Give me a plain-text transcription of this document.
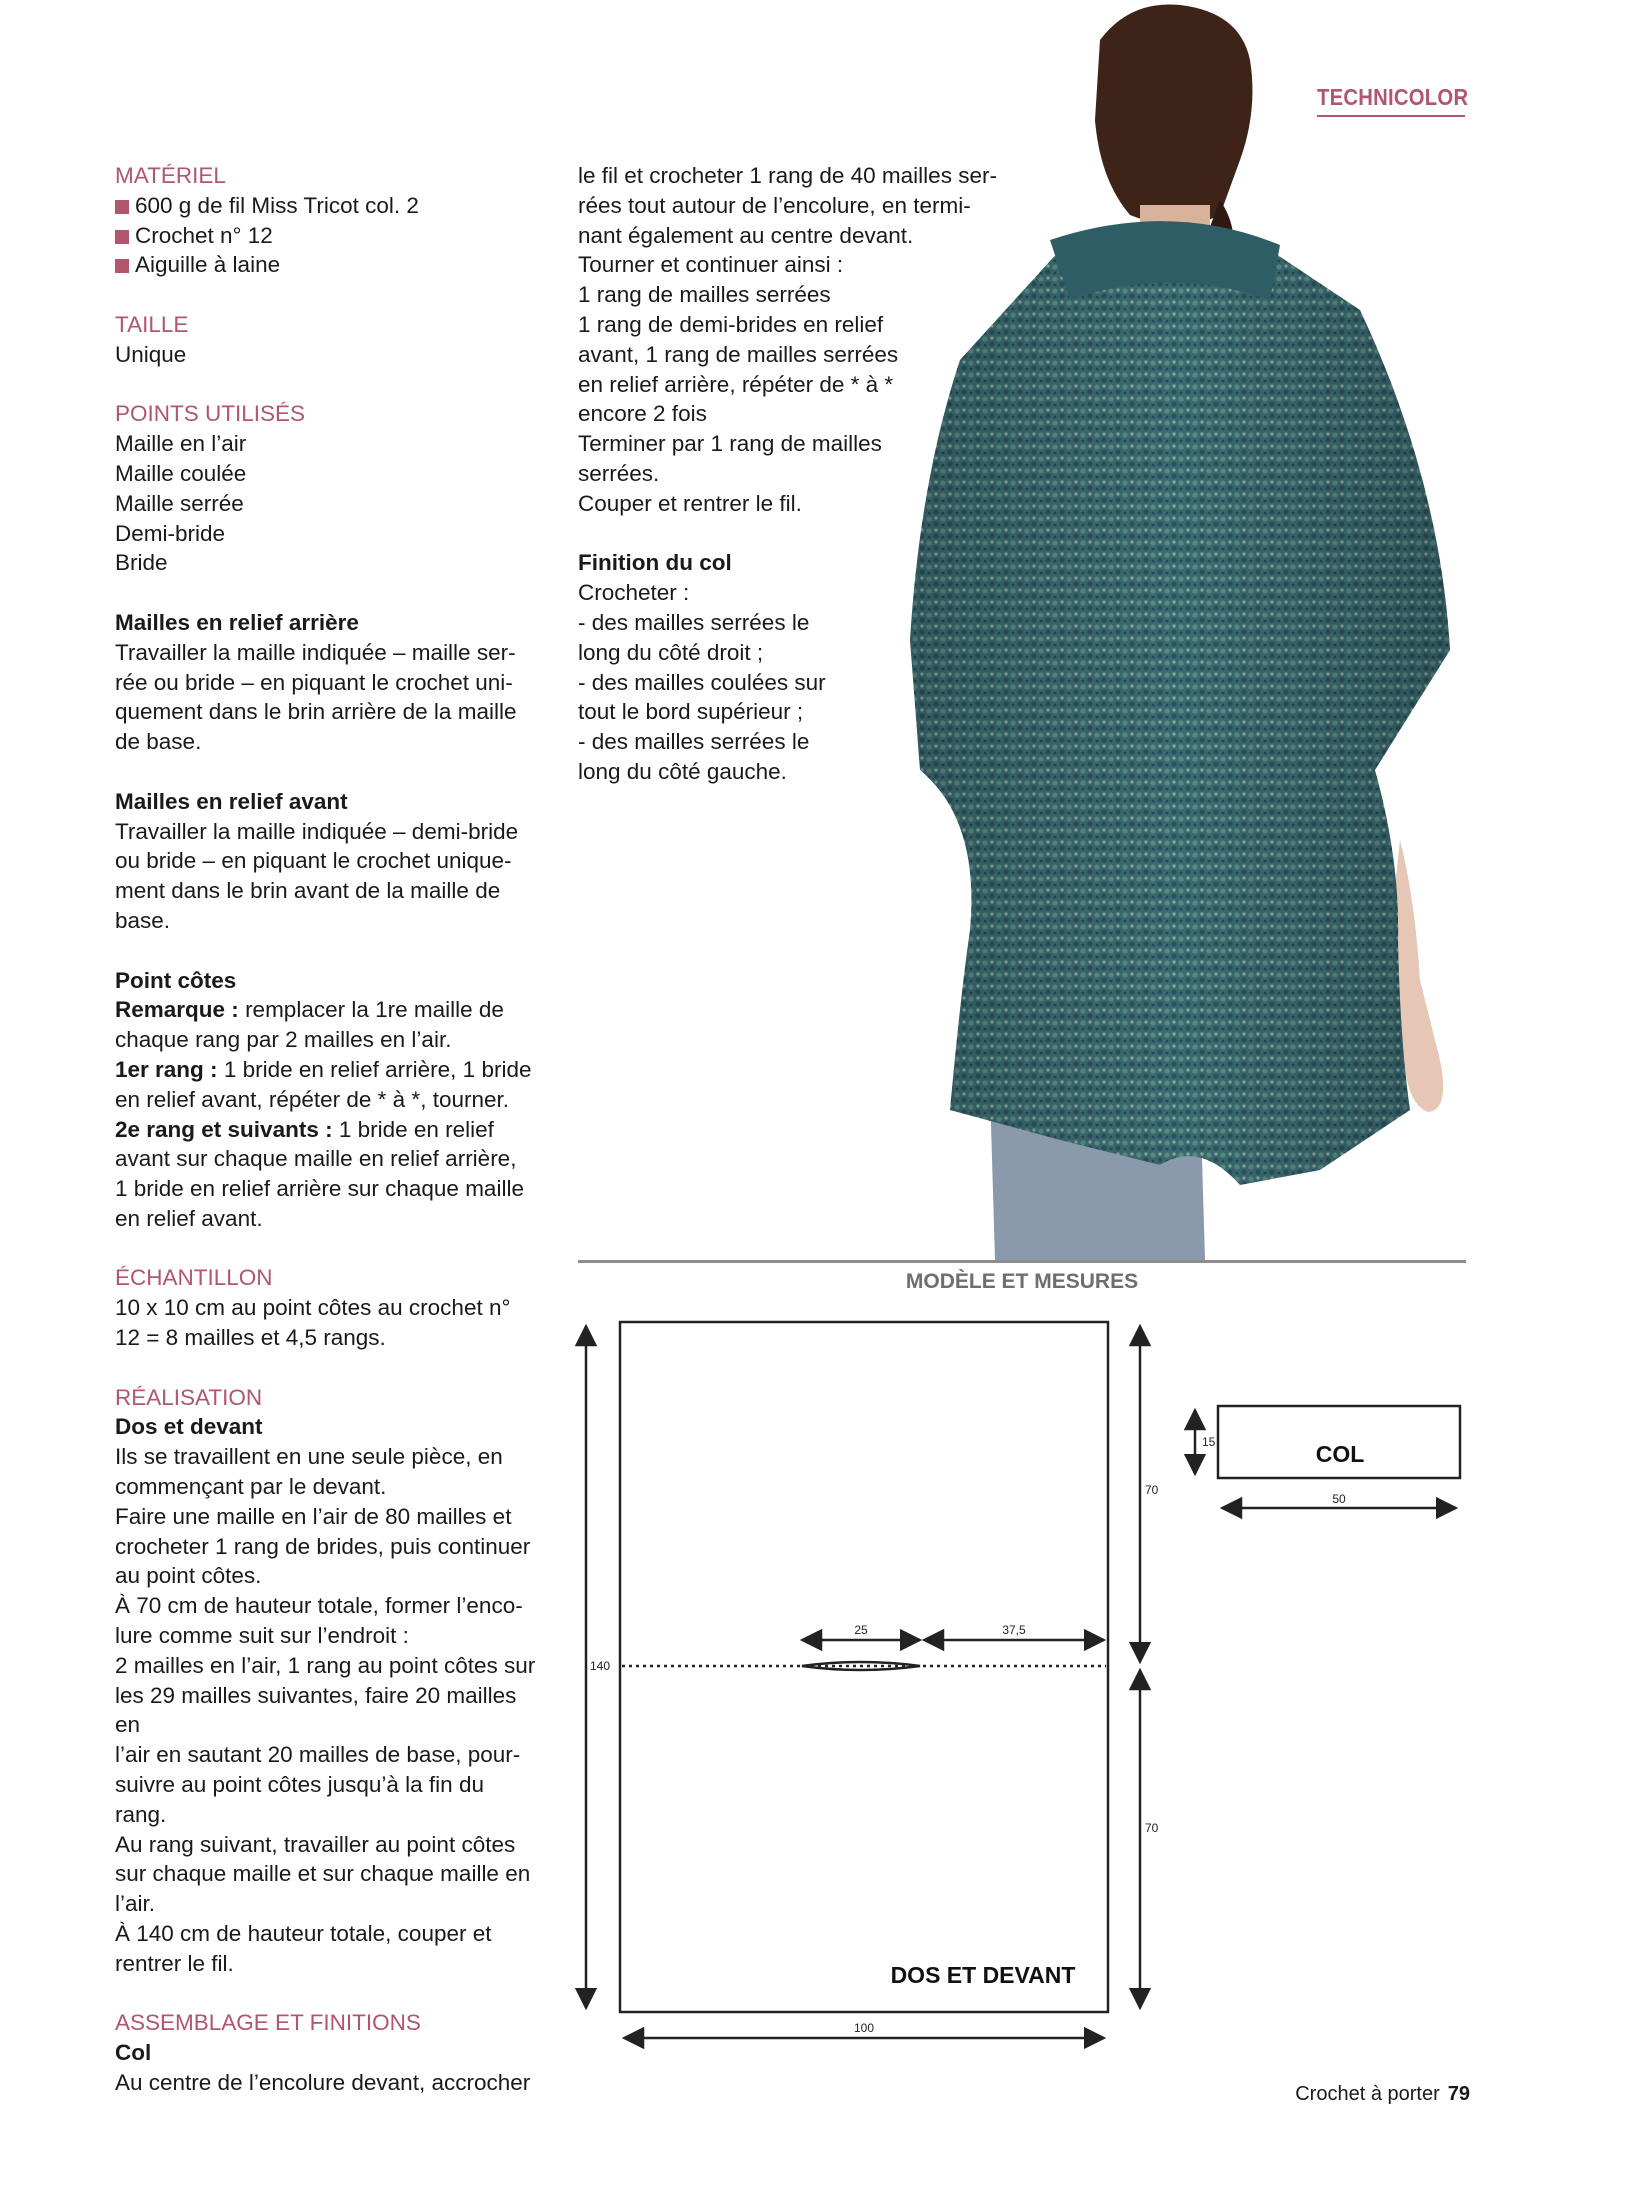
TECHNICOLOR

MATÉRIEL

600 g de fil Miss Tricot col. 2

Crochet n° 12

Aiguille à laine

TAILLE

Unique

POINTS UTILISÉS

Maille en l’air

Maille coulée

Maille serrée

Demi-bride

Bride

Mailles en relief arrière

Travailler la maille indiquée – maille ser-

rée ou bride – en piquant le crochet uni-

quement dans le brin arrière de la maille

de base.

Mailles en relief avant

Travailler la maille indiquée – demi-bride

ou bride – en piquant le crochet unique-

ment dans le brin avant de la maille de

base.

Point côtes

Remarque : remplacer la 1re maille de

chaque rang par 2 mailles en l’air.

1er rang : 1 bride en relief arrière, 1 bride

en relief avant, répéter de * à *, tourner.

2e rang et suivants : 1 bride en relief

avant sur chaque maille en relief arrière,

1 bride en relief arrière sur chaque maille

en relief avant.

ÉCHANTILLON

10 x 10 cm au point côtes au crochet n°

12 = 8 mailles et 4,5 rangs.

RÉALISATION

Dos et devant

Ils se travaillent en une seule pièce, en

commençant par le devant.

Faire une maille en l’air de 80 mailles et

crocheter 1 rang de brides, puis continuer

au point côtes.

À 70 cm de hauteur totale, former l’enco-

lure comme suit sur l’endroit :

2 mailles en l’air, 1 rang au point côtes sur

les 29 mailles suivantes, faire 20 mailles en

l’air en sautant 20 mailles de base, pour-

suivre au point côtes jusqu’à la fin du rang.

Au rang suivant, travailler au point côtes

sur chaque maille et sur chaque maille en

l’air.

À 140 cm de hauteur totale, couper et

rentrer le fil.

ASSEMBLAGE ET FINITIONS

Col

Au centre de l’encolure devant, accrocher

le fil et crocheter 1 rang de 40 mailles ser-

rées tout autour de l’encolure, en termi-

nant également au centre devant.

Tourner et continuer ainsi :

1 rang de mailles serrées

1 rang de demi-brides en relief

avant, 1 rang de mailles serrées

en relief arrière, répéter de * à *

encore 2 fois

Terminer par 1 rang de mailles

serrées.

Couper et rentrer le fil.

Finition du col

Crocheter :

- des mailles serrées le

long du côté droit ;

- des mailles coulées sur

tout le bord supérieur ;

- des mailles serrées le

long du côté gauche.

MODÈLE ET MESURES
DOS ET DEVANT
COL
100
140
70
70
25	37,5
15
50
Crochet à porter 79
